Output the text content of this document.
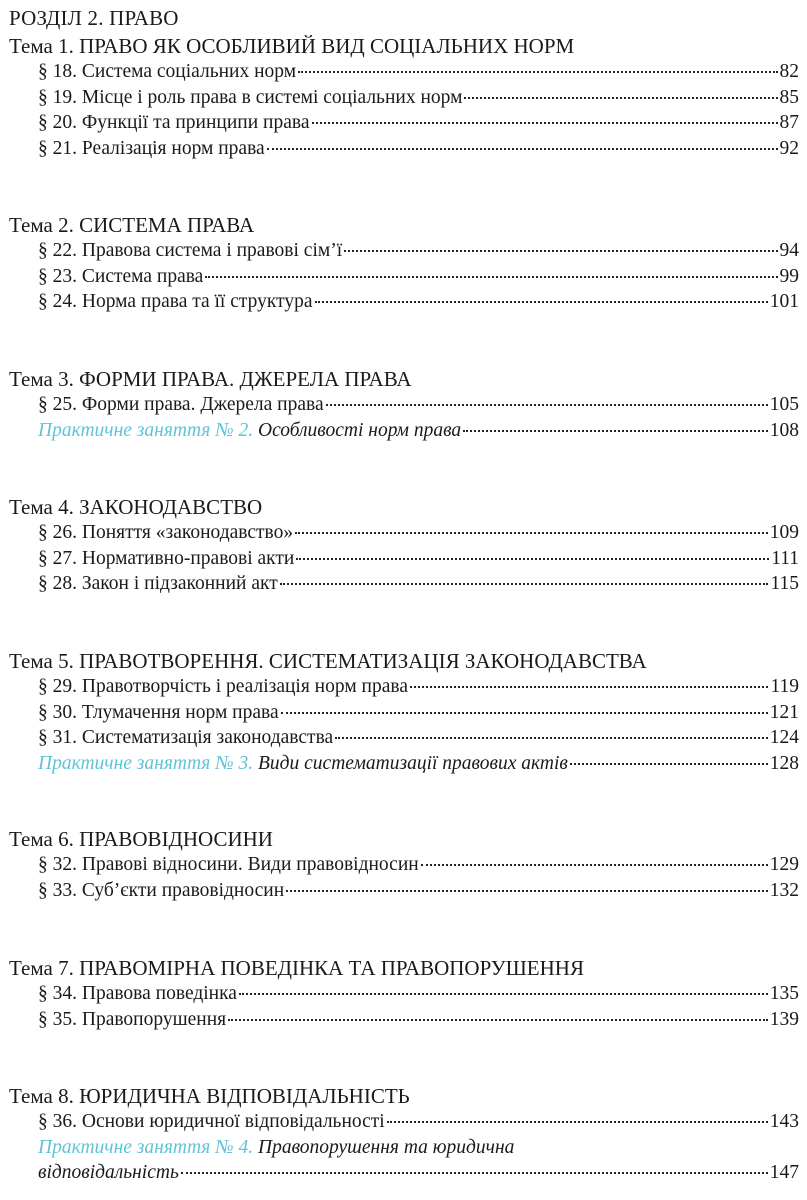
РОЗДІЛ 2. ПРАВО
Тема 1. ПРАВО ЯК ОСОБЛИВИЙ ВИД СОЦІАЛЬНИХ НОРМ
§ 18. Система соціальних норм	82
§ 19. Місце і роль права в системі соціальних норм	85
§ 20. Функції та принципи права	87
§ 21. Реалізація норм права	92
Тема 2. СИСТЕМА ПРАВА
§ 22. Правова система і правові сім’ї	94
§ 23. Система права	99
§ 24. Норма права та її структура	101
Тема 3. ФОРМИ ПРАВА. ДЖЕРЕЛА ПРАВА
§ 25. Форми права. Джерела права	105
Практичне заняття № 2. Особливості норм права	108
Тема 4. ЗАКОНОДАВСТВО
§ 26. Поняття «законодавство»	109
§ 27. Нормативно-правові акти	111
§ 28. Закон і підзаконний акт	115
Тема 5. ПРАВОТВОРЕННЯ. СИСТЕМАТИЗАЦІЯ ЗАКОНОДАВСТВА
§ 29. Правотворчість і реалізація норм права	119
§ 30. Тлумачення норм права	121
§ 31. Систематизація законодавства	124
Практичне заняття № 3. Види систематизації правових актів	128
Тема 6. ПРАВОВІДНОСИНИ
§ 32. Правові відносини. Види правовідносин	129
§ 33. Суб’єкти правовідносин	132
Тема 7. ПРАВОМІРНА ПОВЕДІНКА ТА ПРАВОПОРУШЕННЯ
§ 34. Правова поведінка	135
§ 35. Правопорушення	139
Тема 8. ЮРИДИЧНА ВІДПОВІДАЛЬНІСТЬ
§ 36. Основи юридичної відповідальності	143
Практичне заняття № 4. Правопорушення та юридична
відповідальність	147
